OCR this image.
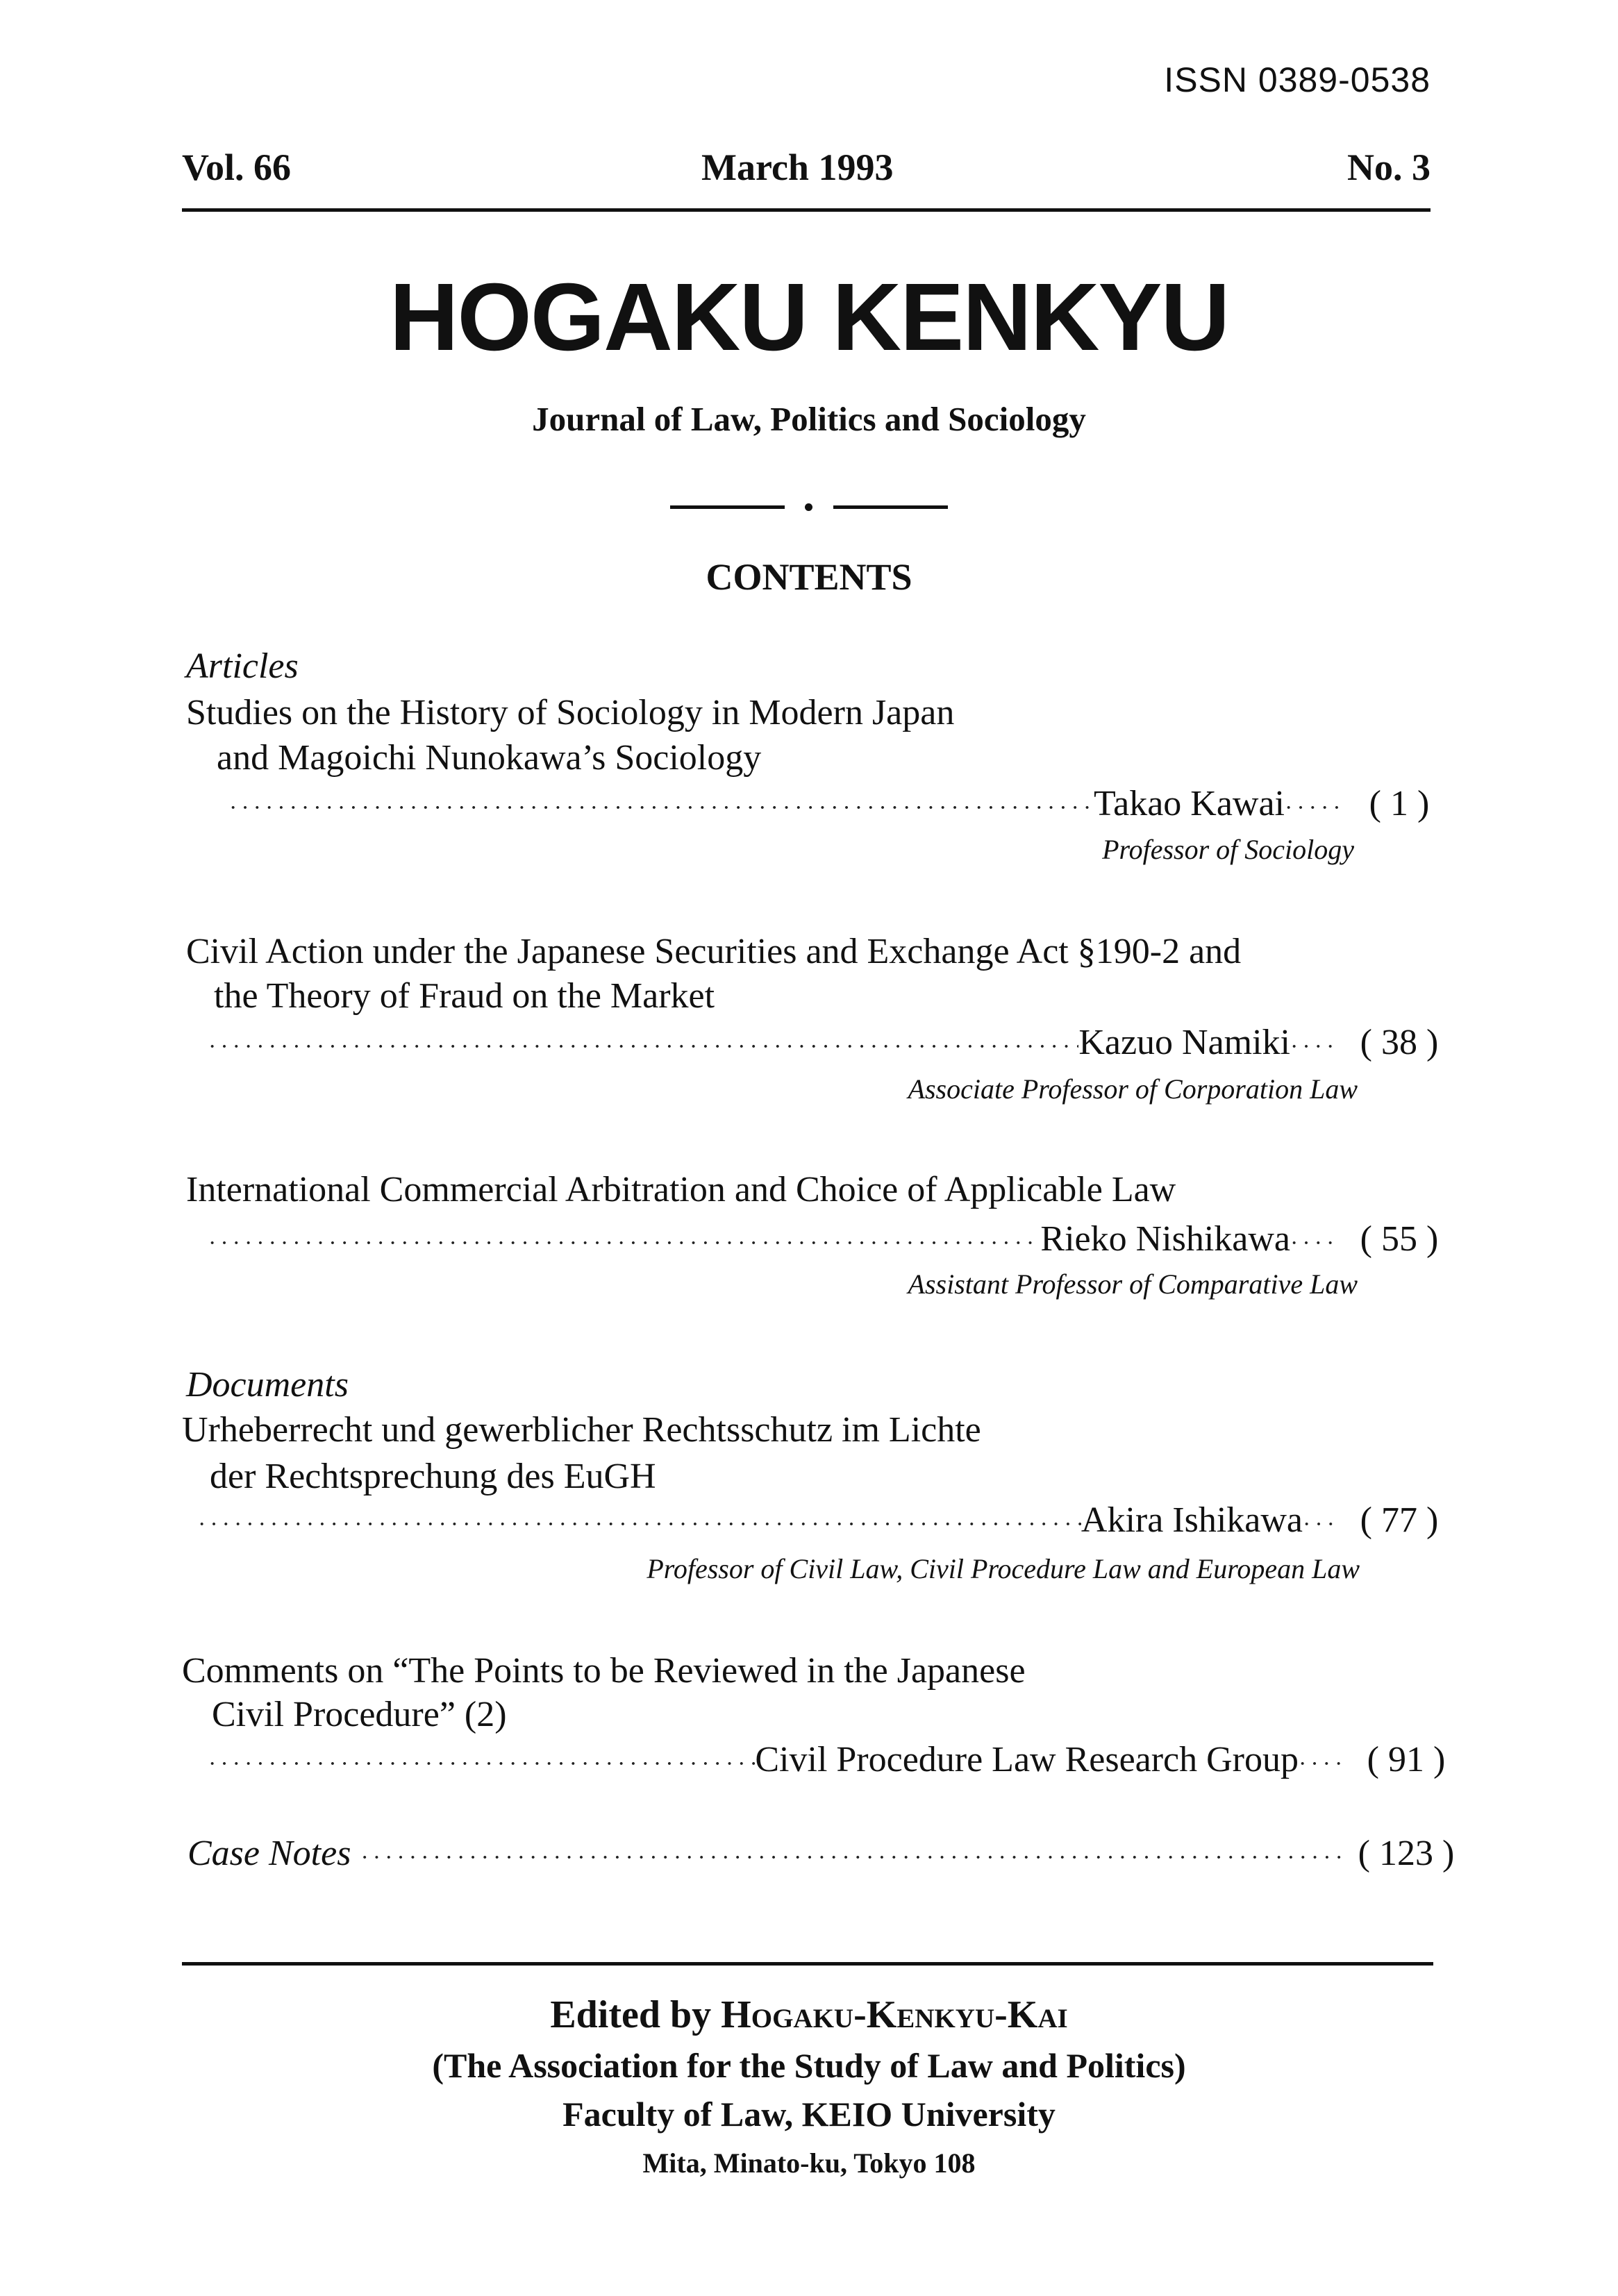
ISSN 0389-0538
Vol. 66	March 1993	No. 3
HOGAKU KENKYU
Journal of Law, Politics and Sociology
CONTENTS
Articles
Studies on the History of Sociology in Modern Japan
and Magoichi Nunokawa’s Sociology
·····
Takao Kawai ·····	( 1 )
Professor of Sociology
Civil Action under the Japanese Securities and Exchange Act §190-2 and
the Theory of Fraud on the Market
·····
Kazuo Namiki ·····	( 38 )
Associate Professor of Corporation Law
International Commercial Arbitration and Choice of Applicable Law
·····
Rieko Nishikawa ·····	( 55 )
Assistant Professor of Comparative Law
Documents
Urheberrecht und gewerblicher Rechtsschutz im Lichte
der Rechtsprechung des EuGH
·····
Akira Ishikawa ·····	( 77 )
Professor of Civil Law, Civil Procedure Law and European Law
Comments on “The Points to be Reviewed in the Japanese
Civil Procedure” (2)
·····
Civil Procedure Law Research Group ·····	( 91 )
Case Notes ·····	( 123 )
Edited by Hogaku-Kenkyu-Kai
(The Association for the Study of Law and Politics)
Faculty of Law, KEIO University
Mita, Minato-ku, Tokyo 108
